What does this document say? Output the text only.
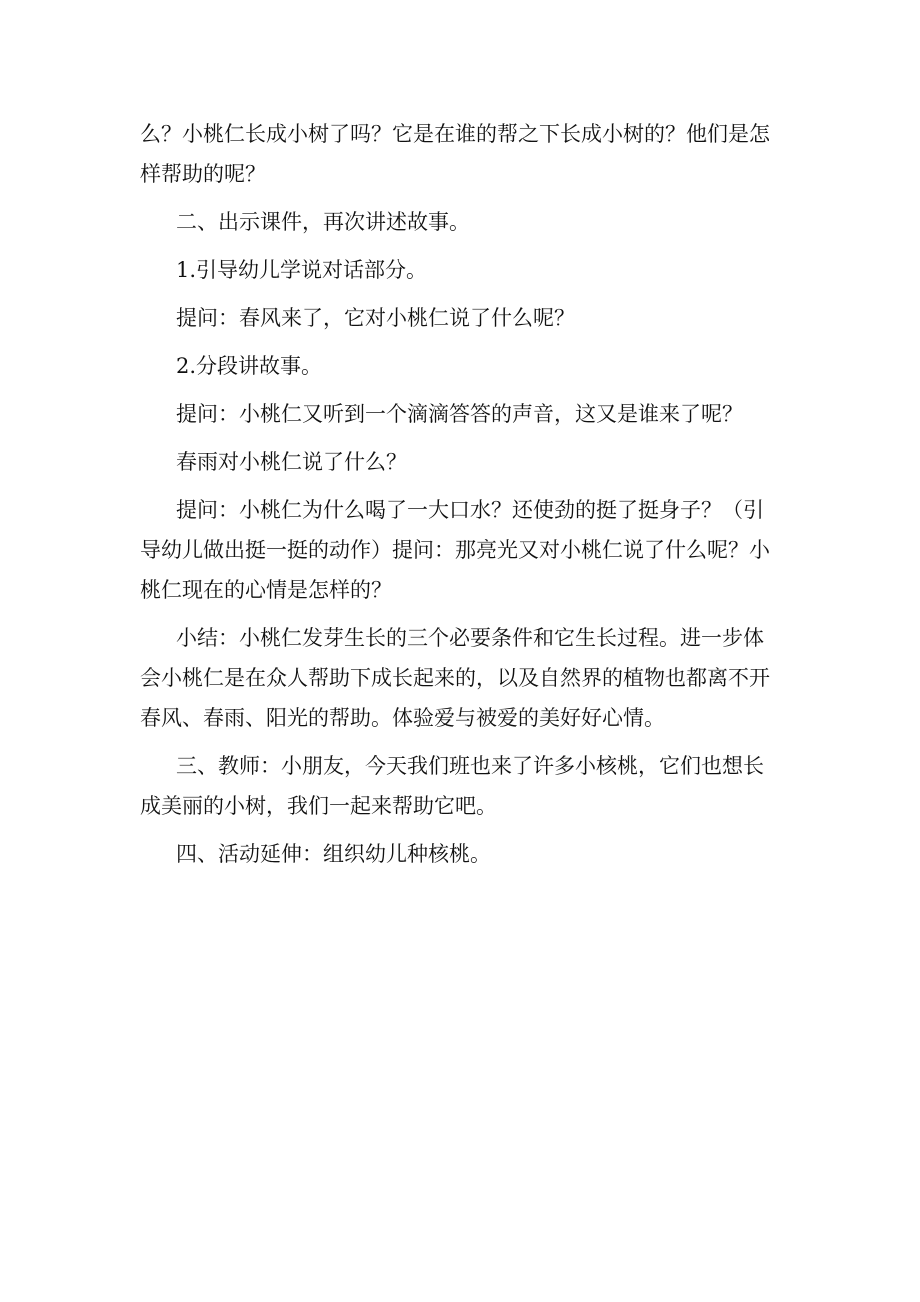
么？小桃仁长成小树了吗？它是在谁的帮之下长成小树的？他们是怎样帮助的呢？

二、出示课件，再次讲述故事。

1.引导幼儿学说对话部分。

提问：春风来了，它对小桃仁说了什么呢？

2.分段讲故事。

提问：小桃仁又听到一个滴滴答答的声音，这又是谁来了呢？

春雨对小桃仁说了什么？

提问：小桃仁为什么喝了一大口水？还使劲的挺了挺身子？（引导幼儿做出挺一挺的动作）提问：那亮光又对小桃仁说了什么呢？小桃仁现在的心情是怎样的？

小结：小桃仁发芽生长的三个必要条件和它生长过程。进一步体会小桃仁是在众人帮助下成长起来的，以及自然界的植物也都离不开春风、春雨、阳光的帮助。体验爱与被爱的美好好心情。

三、教师：小朋友，今天我们班也来了许多小核桃，它们也想长成美丽的小树，我们一起来帮助它吧。

四、活动延伸：组织幼儿种核桃。
